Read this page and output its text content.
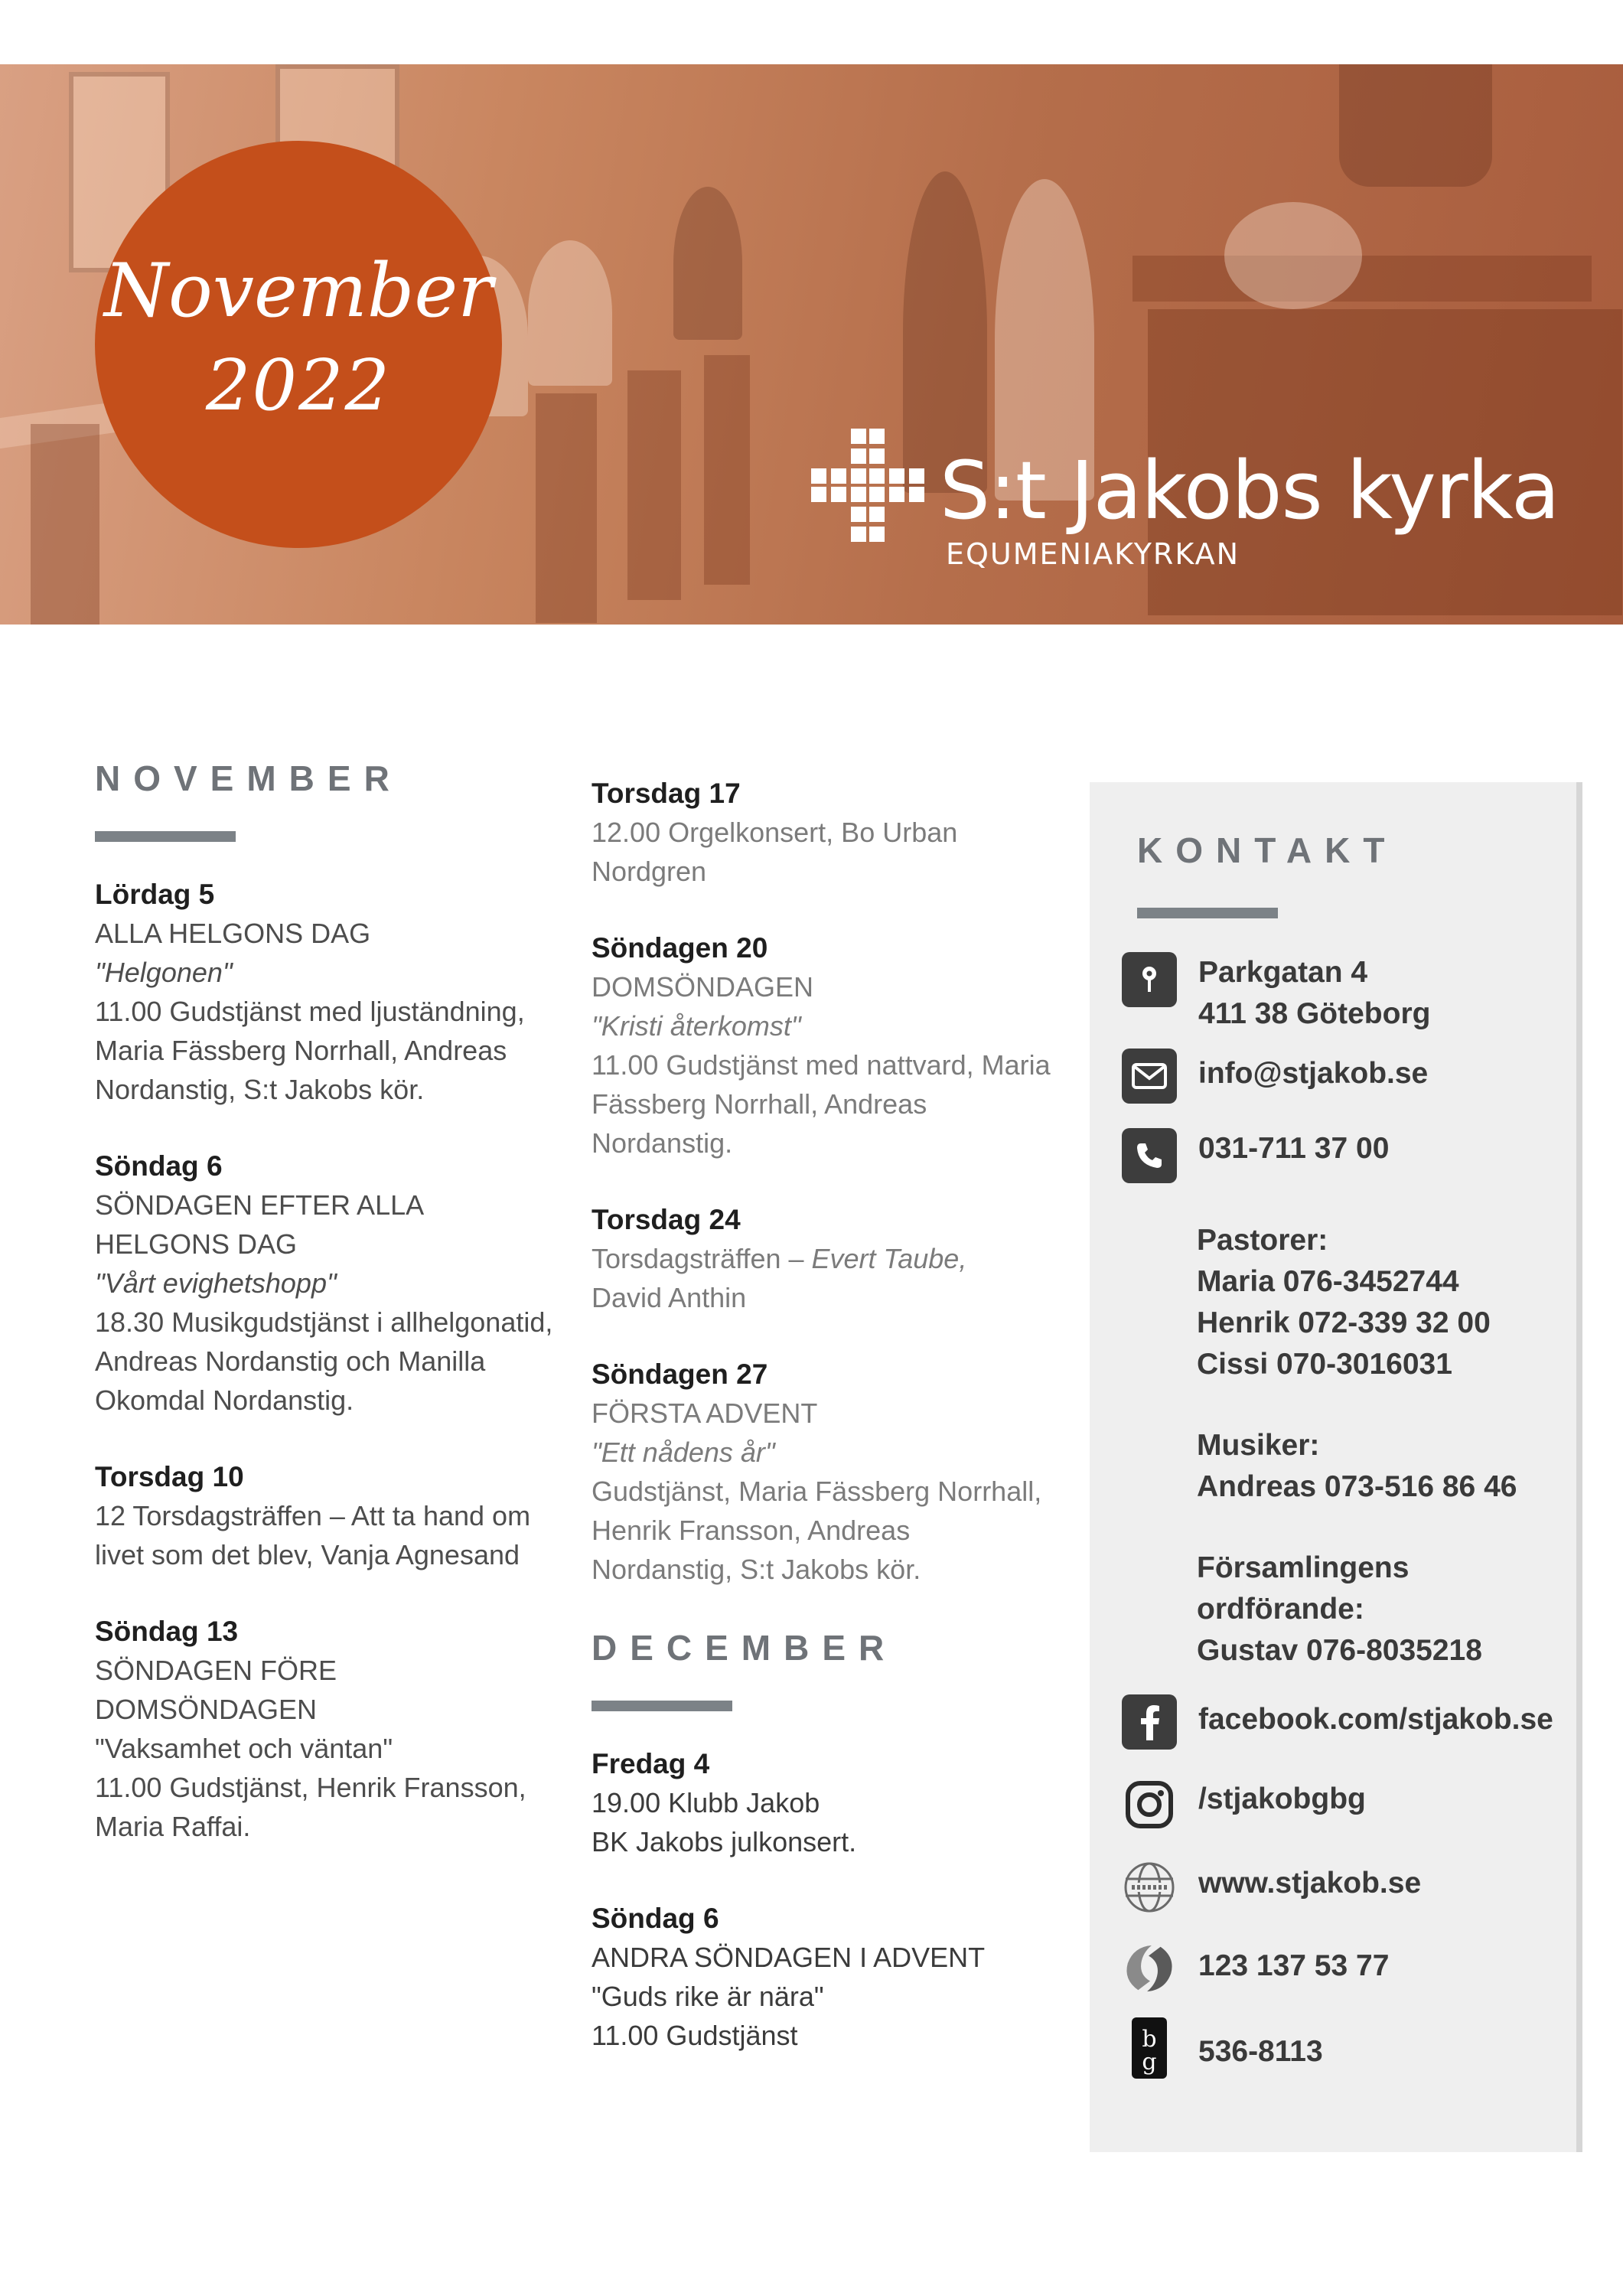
November
2022
S:t Jakobs kyrka
EQUMENIAKYRKAN
NOVEMBER
Lördag 5
ALLA HELGONS DAG
"Helgonen"
11.00 Gudstjänst med ljuständning, Maria Fässberg Norrhall, Andreas Nordanstig, S:t Jakobs kör.
Söndag 6
SÖNDAGEN EFTER ALLA HELGONS DAG
"Vårt evighetshopp"
18.30 Musikgudstjänst i allhelgonatid, Andreas Nordanstig och Manilla Okomdal Nordanstig.
Torsdag 10
12 Torsdagsträffen – Att ta hand om livet som det blev, Vanja Agnesand
Söndag 13
SÖNDAGEN FÖRE DOMSÖNDAGEN
"Vaksamhet och väntan"
11.00 Gudstjänst, Henrik Fransson, Maria Raffai.
Torsdag 17
12.00 Orgelkonsert, Bo Urban Nordgren
Söndagen 20
DOMSÖNDAGEN
"Kristi återkomst"
11.00 Gudstjänst med nattvard, Maria Fässberg Norrhall, Andreas Nordanstig.
Torsdag 24
Torsdagsträffen – Evert Taube,
David Anthin
Söndagen 27
FÖRSTA ADVENT
"Ett nådens år"
Gudstjänst, Maria Fässberg Norrhall, Henrik Fransson, Andreas Nordanstig, S:t Jakobs kör.
DECEMBER
Fredag 4
19.00 Klubb Jakob
BK Jakobs julkonsert.
Söndag 6
ANDRA SÖNDAGEN I ADVENT
"Guds rike är nära"
11.00 Gudstjänst
KONTAKT
Parkgatan 4
411 38 Göteborg
info@stjakob.se
031-711 37 00
Pastorer:
Maria 076-3452744
Henrik 072-339 32 00
Cissi 070-3016031
Musiker:
Andreas 073-516 86 46
Församlingens
ordförande:
Gustav 076-8035218
facebook.com/stjakob.se
/stjakobgbg
www.stjakob.se
123 137 53 77
b
g 536-8113
